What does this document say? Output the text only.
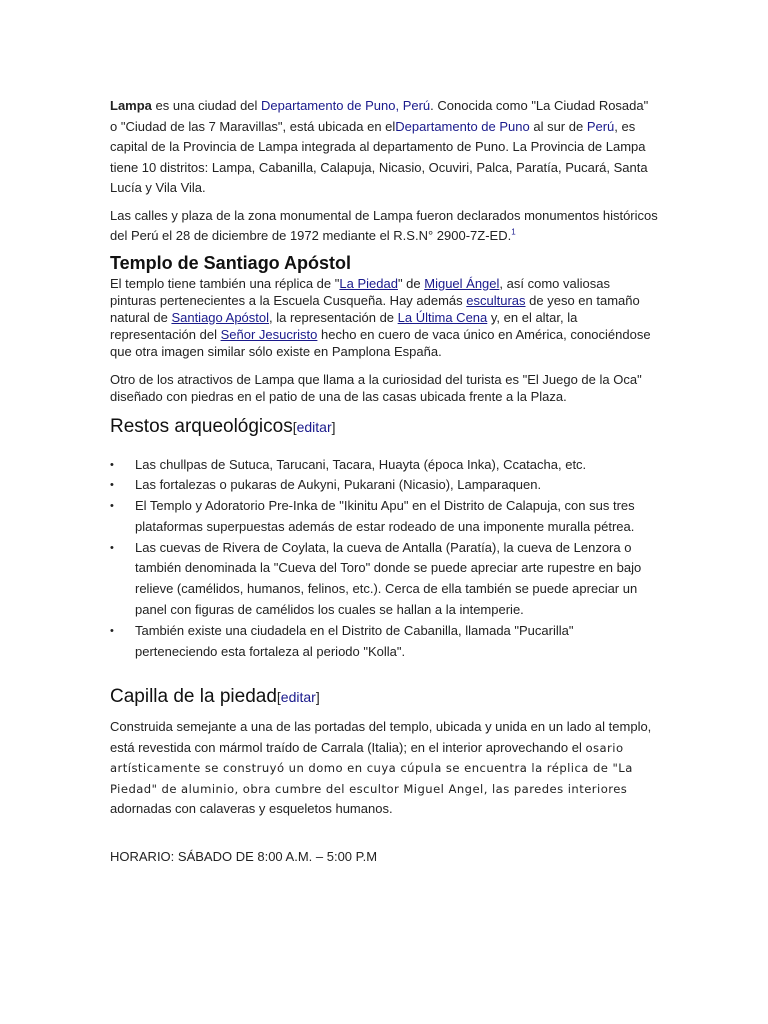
Lampa es una ciudad del Departamento de Puno, Perú. Conocida como "La Ciudad Rosada" o "Ciudad de las 7 Maravillas", está ubicada en elDepartamento de Puno al sur de Perú, es capital de la Provincia de Lampa integrada al departamento de Puno. La Provincia de Lampa tiene 10 distritos: Lampa, Cabanilla, Calapuja, Nicasio, Ocuviri, Palca, Paratía, Pucará, Santa Lucía y Vila Vila.

Las calles y plaza de la zona monumental de Lampa fueron declarados monumentos históricos del Perú el 28 de diciembre de 1972 mediante el R.S.N° 2900-7Z-ED.$^1$

Templo de Santiago Apóstol

El templo tiene también una réplica de "La Piedad" de Miguel Ángel, así como valiosas pinturas pertenecientes a la Escuela Cusqueña. Hay además esculturas de yeso en tamaño natural de Santiago Apóstol, la representación de La Última Cena y, en el altar, la representación del Señor Jesucristo hecho en cuero de vaca único en América, conociéndose que otra imagen similar sólo existe en Pamplona España.

Otro de los atractivos de Lampa que llama a la curiosidad del turista es "El Juego de la Oca" diseñado con piedras en el patio de una de las casas ubicada frente a la Plaza.

Restos arqueológicos[editar]
• Las chullpas de Sutuca, Tarucani, Tacara, Huayta (época Inka), Ccatacha, etc.
• Las fortalezas o pukaras de Aukyni, Pukarani (Nicasio), Lamparaquen.
• El Templo y Adoratorio Pre-Inka de "Ikinitu Apu" en el Distrito de Calapuja, con sus tres plataformas superpuestas además de estar rodeado de una imponente muralla pétrea.
• Las cuevas de Rivera de Coylata, la cueva de Antalla (Paratía), la cueva de Lenzora o también denominada la "Cueva del Toro" donde se puede apreciar arte rupestre en bajo relieve (camélidos, humanos, felinos, etc.). Cerca de ella también se puede apreciar un panel con figuras de camélidos los cuales se hallan a la intemperie.
• También existe una ciudadela en el Distrito de Cabanilla, llamada "Pucarilla" perteneciendo esta fortaleza al periodo "Kolla".
Capilla de la piedad[editar]

Construida semejante a una de las portadas del templo, ubicada y unida en un lado al templo, está revestida con mármol traído de Carrala (Italia); en el interior aprovechando el osario artísticamente se construyó un domo en cuya cúpula se encuentra la réplica de "La Piedad" de aluminio, obra cumbre del escultor Miguel Angel, las paredes interiores adornadas con calaveras y esqueletos humanos.

HORARIO: SÁBADO DE 8:00 A.M. – 5:00 P.M
